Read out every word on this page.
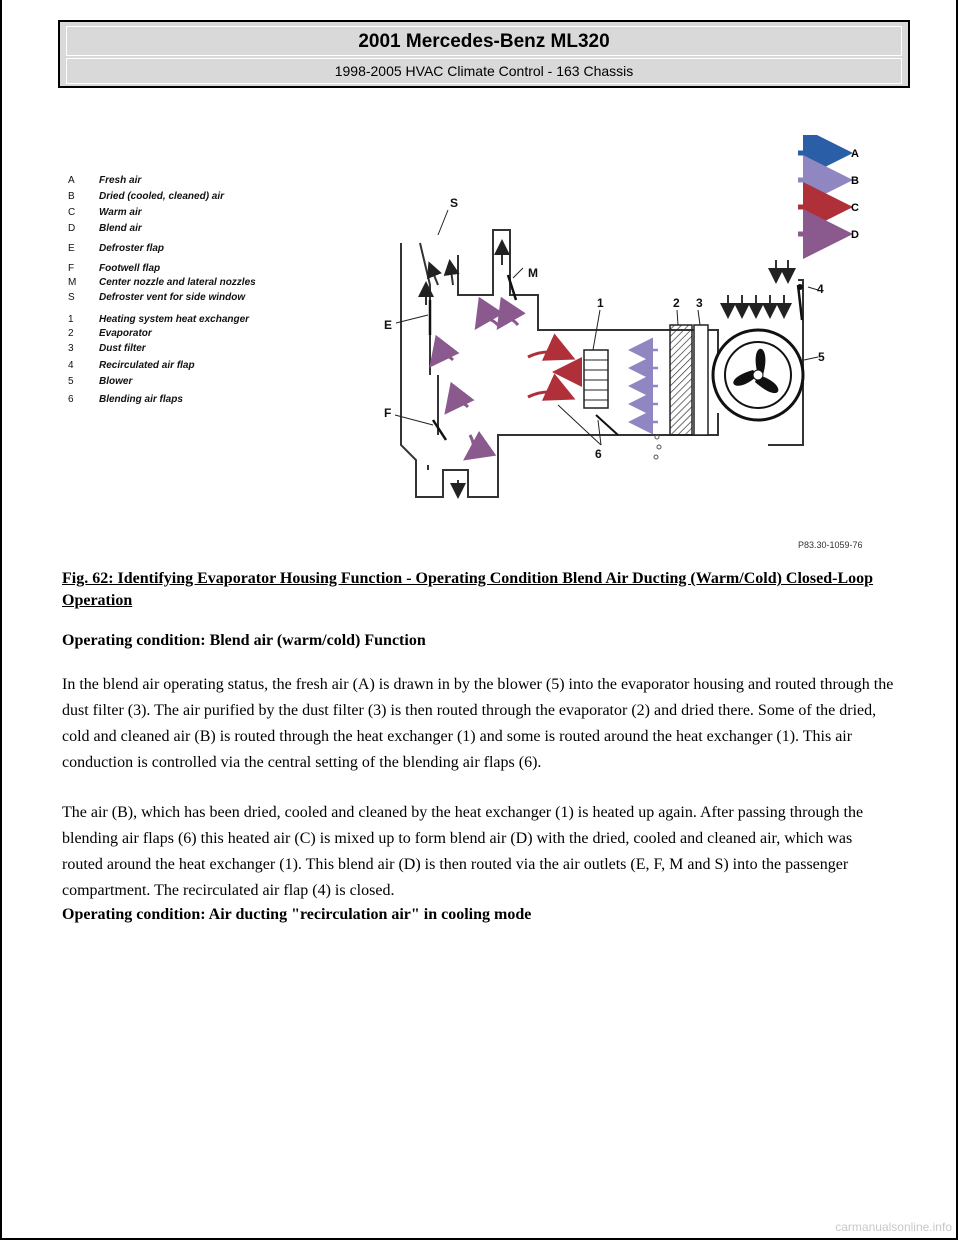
2001 Mercedes-Benz ML320
1998-2005 HVAC Climate Control - 163 Chassis
A	Fresh air
B	Dried (cooled, cleaned) air
C	Warm air
D	Blend air
E	Defroster flap
F	Footwell flap
M	Center nozzle and lateral nozzles
S	Defroster vent for side window
1	Heating system heat exchanger
2	Evaporator
3	Dust filter
4	Recirculated air flap
5	Blower
6	Blending air flaps
A
B
C
D
S
M
E
F
1	2 3
4
5
6
P83.30-1059-76
Fig. 62: Identifying Evaporator Housing Function - Operating Condition Blend Air Ducting (Warm/Cold) Closed-Loop Operation
Operating condition: Blend air (warm/cold) Function
In the blend air operating status, the fresh air (A) is drawn in by the blower (5) into the evaporator housing and routed through the dust filter (3). The air purified by the dust filter (3) is then routed through the evaporator (2) and dried there. Some of the dried, cold and cleaned air (B) is routed through the heat exchanger (1) and some is routed around the heat exchanger (1). This air conduction is controlled via the central setting of the blending air flaps (6).
The air (B), which has been dried, cooled and cleaned by the heat exchanger (1) is heated up again. After passing through the blending air flaps (6) this heated air (C) is mixed up to form blend air (D) with the dried, cooled and cleaned air, which was routed around the heat exchanger (1). This blend air (D) is then routed via the air outlets (E, F, M and S) into the passenger compartment. The recirculated air flap (4) is closed.
Operating condition: Air ducting "recirculation air" in cooling mode
carmanualsonline.info
